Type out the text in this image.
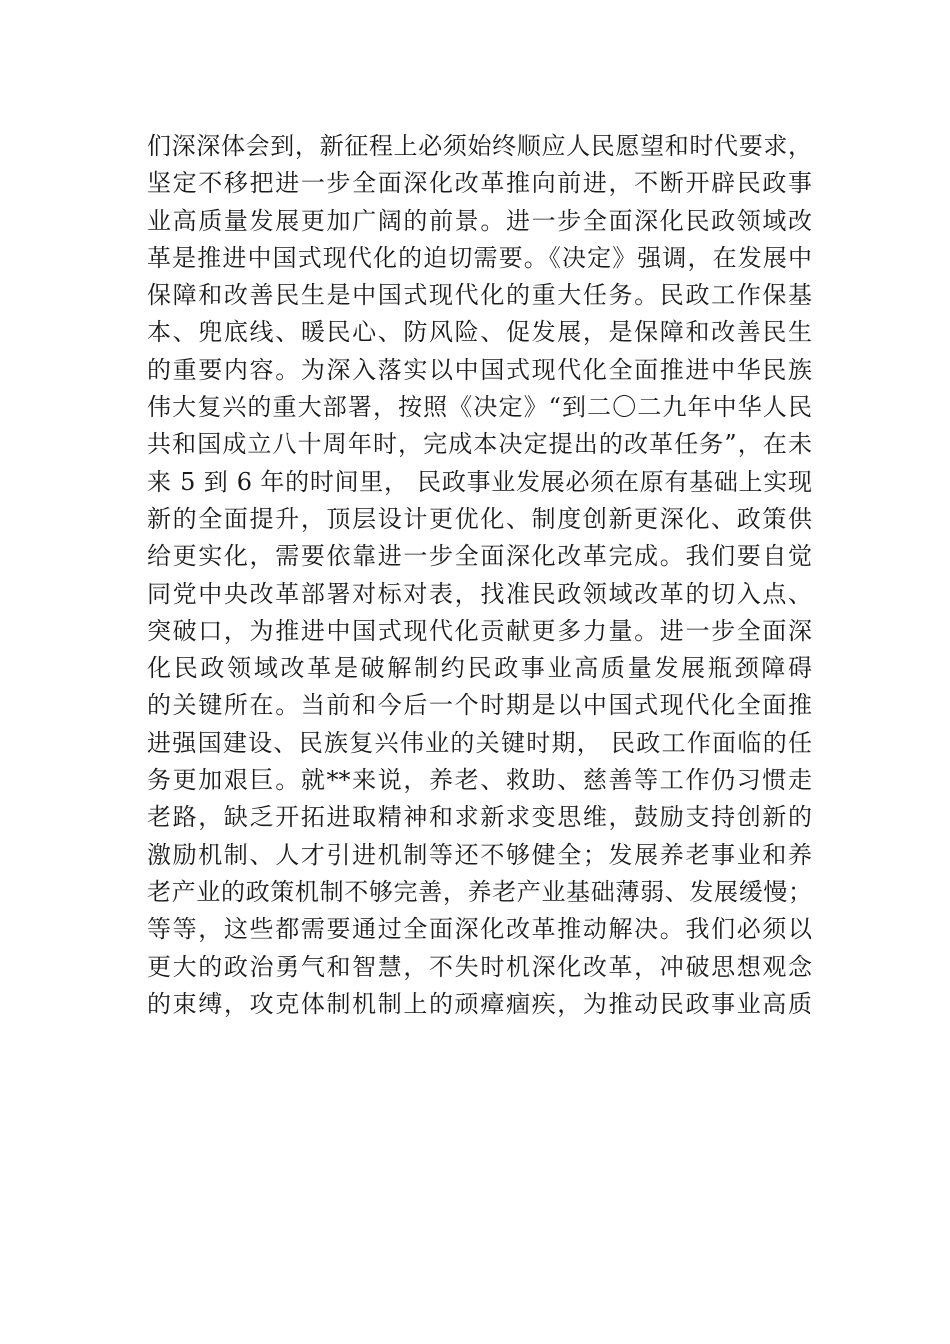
们深深体会到，新征程上必须始终顺应人民愿望和时代要求，
坚定不移把进一步全面深化改革推向前进，不断开辟民政事
业高质量发展更加广阔的前景。进一步全面深化民政领域改
革是推进中国式现代化的迫切需要。《决定》强调，在发展中
保障和改善民生是中国式现代化的重大任务。民政工作保基
本、兜底线、暖民心、防风险、促发展，是保障和改善民生
的重要内容。为深入落实以中国式现代化全面推进中华民族
伟大复兴的重大部署，按照《决定》“到二〇二九年中华人民
共和国成立八十周年时，完成本决定提出的改革任务”，在未
来 5 到 6 年的时间里， 民政事业发展必须在原有基础上实现
新的全面提升，顶层设计更优化、制度创新更深化、政策供
给更实化，需要依靠进一步全面深化改革完成。我们要自觉
同党中央改革部署对标对表，找准民政领域改革的切入点、
突破口，为推进中国式现代化贡献更多力量。进一步全面深
化民政领域改革是破解制约民政事业高质量发展瓶颈障碍
的关键所在。当前和今后一个时期是以中国式现代化全面推
进强国建设、民族复兴伟业的关键时期， 民政工作面临的任
务更加艰巨。就**来说，养老、救助、慈善等工作仍习惯走
老路，缺乏开拓进取精神和求新求变思维，鼓励支持创新的
激励机制、人才引进机制等还不够健全；发展养老事业和养
老产业的政策机制不够完善，养老产业基础薄弱、发展缓慢；
等等，这些都需要通过全面深化改革推动解决。我们必须以
更大的政治勇气和智慧，不失时机深化改革，冲破思想观念
的束缚，攻克体制机制上的顽瘴痼疾，为推动民政事业高质
